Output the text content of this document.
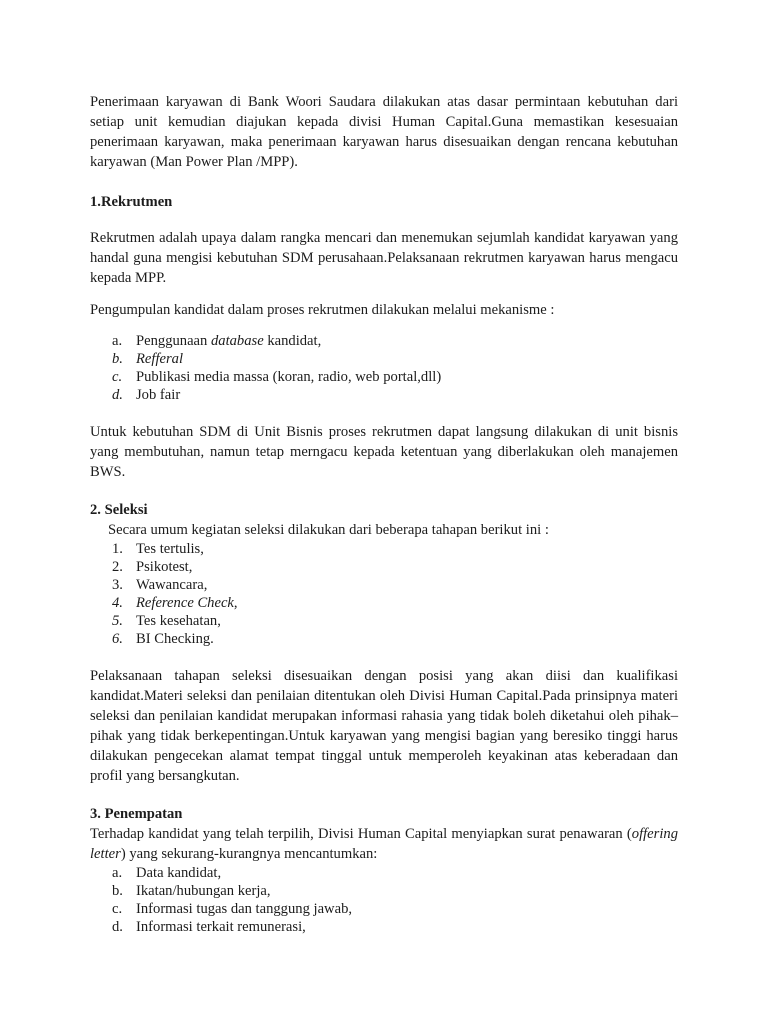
Penerimaan karyawan di Bank Woori Saudara dilakukan atas dasar permintaan kebutuhan dari setiap unit kemudian diajukan kepada divisi Human Capital.Guna memastikan kesesuaian penerimaan karyawan, maka penerimaan karyawan harus disesuaikan dengan rencana kebutuhan karyawan (Man Power Plan /MPP).

1.Rekrutmen

Rekrutmen adalah upaya dalam rangka mencari dan menemukan sejumlah kandidat karyawan yang handal guna mengisi kebutuhan SDM perusahaan.Pelaksanaan rekrutmen karyawan harus mengacu kepada MPP.

Pengumpulan kandidat dalam proses rekrutmen dilakukan melalui mekanisme :

a. Penggunaan database kandidat,
b. Refferal
c. Publikasi media massa (koran, radio, web portal,dll)
d. Job fair

Untuk kebutuhan SDM di Unit Bisnis proses rekrutmen dapat langsung dilakukan di unit bisnis yang membutuhan, namun tetap merngacu kepada ketentuan yang diberlakukan oleh manajemen BWS.

2. Seleksi

Secara umum kegiatan seleksi dilakukan dari beberapa tahapan berikut ini :

1. Tes tertulis,
2. Psikotest,
3. Wawancara,
4. Reference Check,
5. Tes kesehatan,
6. BI Checking.

Pelaksanaan tahapan seleksi disesuaikan dengan posisi yang akan diisi dan kualifikasi kandidat.Materi seleksi dan penilaian ditentukan oleh Divisi Human Capital.Pada prinsipnya materi seleksi dan penilaian kandidat merupakan informasi rahasia yang tidak boleh diketahui oleh pihak–pihak yang tidak berkepentingan.Untuk karyawan yang mengisi bagian yang beresiko tinggi harus dilakukan pengecekan alamat tempat tinggal untuk memperoleh keyakinan atas keberadaan dan profil yang bersangkutan.

3. Penempatan

Terhadap kandidat yang telah terpilih, Divisi Human Capital menyiapkan surat penawaran (offering letter) yang sekurang-kurangnya mencantumkan:

a. Data kandidat,
b. Ikatan/hubungan kerja,
c. Informasi tugas dan tanggung jawab,
d. Informasi terkait remunerasi,
